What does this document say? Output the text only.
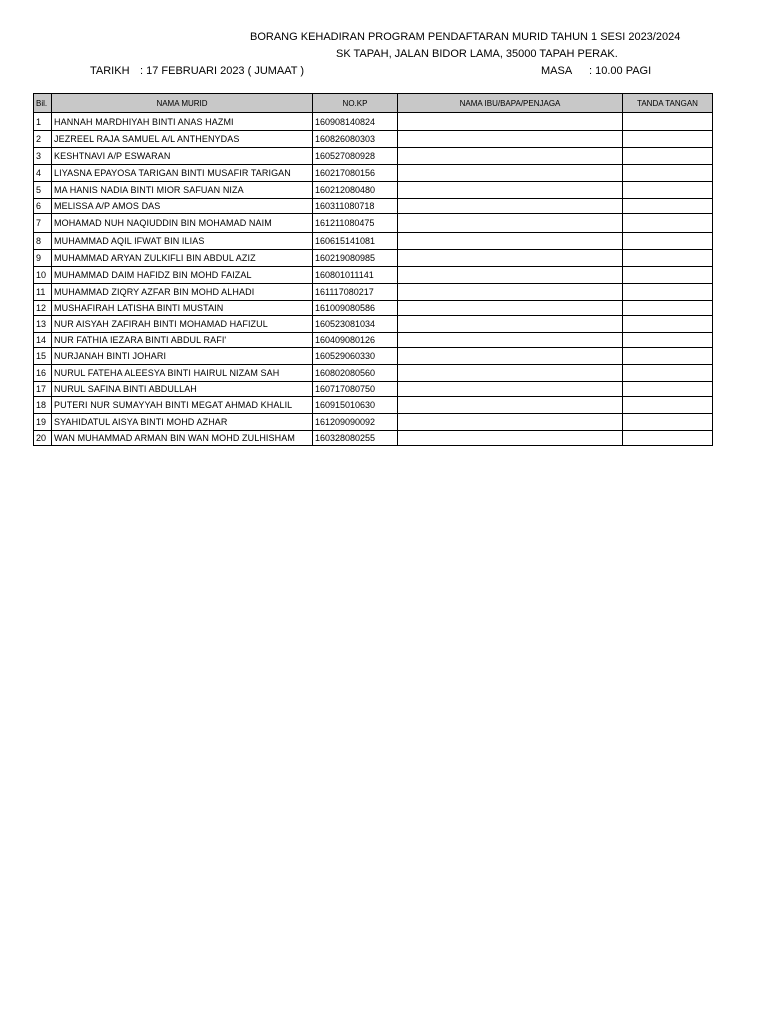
BORANG KEHADIRAN PROGRAM PENDAFTARAN MURID TAHUN 1 SESI 2023/2024
SK TAPAH, JALAN BIDOR LAMA, 35000 TAPAH PERAK.
TARIKH : 17 FEBRUARI 2023 ( JUMAAT )	MASA : 10.00 PAGI
Bil.	NAMA MURID	NO.KP	NAMA IBU/BAPA/PENJAGA	TANDA TANGAN
1	HANNAH MARDHIYAH BINTI ANAS HAZMI	160908140824		
2	JEZREEL RAJA SAMUEL A/L ANTHENYDAS	160826080303		
3	KESHTNAVI A/P ESWARAN	160527080928		
4	LIYASNA EPAYOSA TARIGAN BINTI MUSAFIR TARIGAN	160217080156		
5	MA HANIS NADIA BINTI MIOR SAFUAN NIZA	160212080480		
6	MELISSA A/P AMOS DAS	160311080718		
7	MOHAMAD NUH NAQIUDDIN BIN MOHAMAD NAIM	161211080475		
8	MUHAMMAD AQIL IFWAT BIN ILIAS	160615141081		
9	MUHAMMAD ARYAN ZULKIFLI BIN ABDUL AZIZ	160219080985		
10	MUHAMMAD DAIM HAFIDZ BIN MOHD FAIZAL	160801011141		
11	MUHAMMAD ZIQRY AZFAR BIN MOHD ALHADI	161117080217		
12	MUSHAFIRAH LATISHA BINTI MUSTAIN	161009080586		
13	NUR AISYAH ZAFIRAH BINTI MOHAMAD HAFIZUL	160523081034		
14	NUR FATHIA IEZARA BINTI ABDUL RAFI'	160409080126		
15	NURJANAH BINTI JOHARI	160529060330		
16	NURUL FATEHA ALEESYA BINTI HAIRUL NIZAM SAH	160802080560		
17	NURUL SAFINA BINTI ABDULLAH	160717080750		
18	PUTERI NUR SUMAYYAH BINTI MEGAT AHMAD KHALIL	160915010630		
19	SYAHIDATUL AISYA BINTI MOHD AZHAR	161209090092		
20	WAN MUHAMMAD ARMAN BIN WAN MOHD ZULHISHAM	160328080255		
